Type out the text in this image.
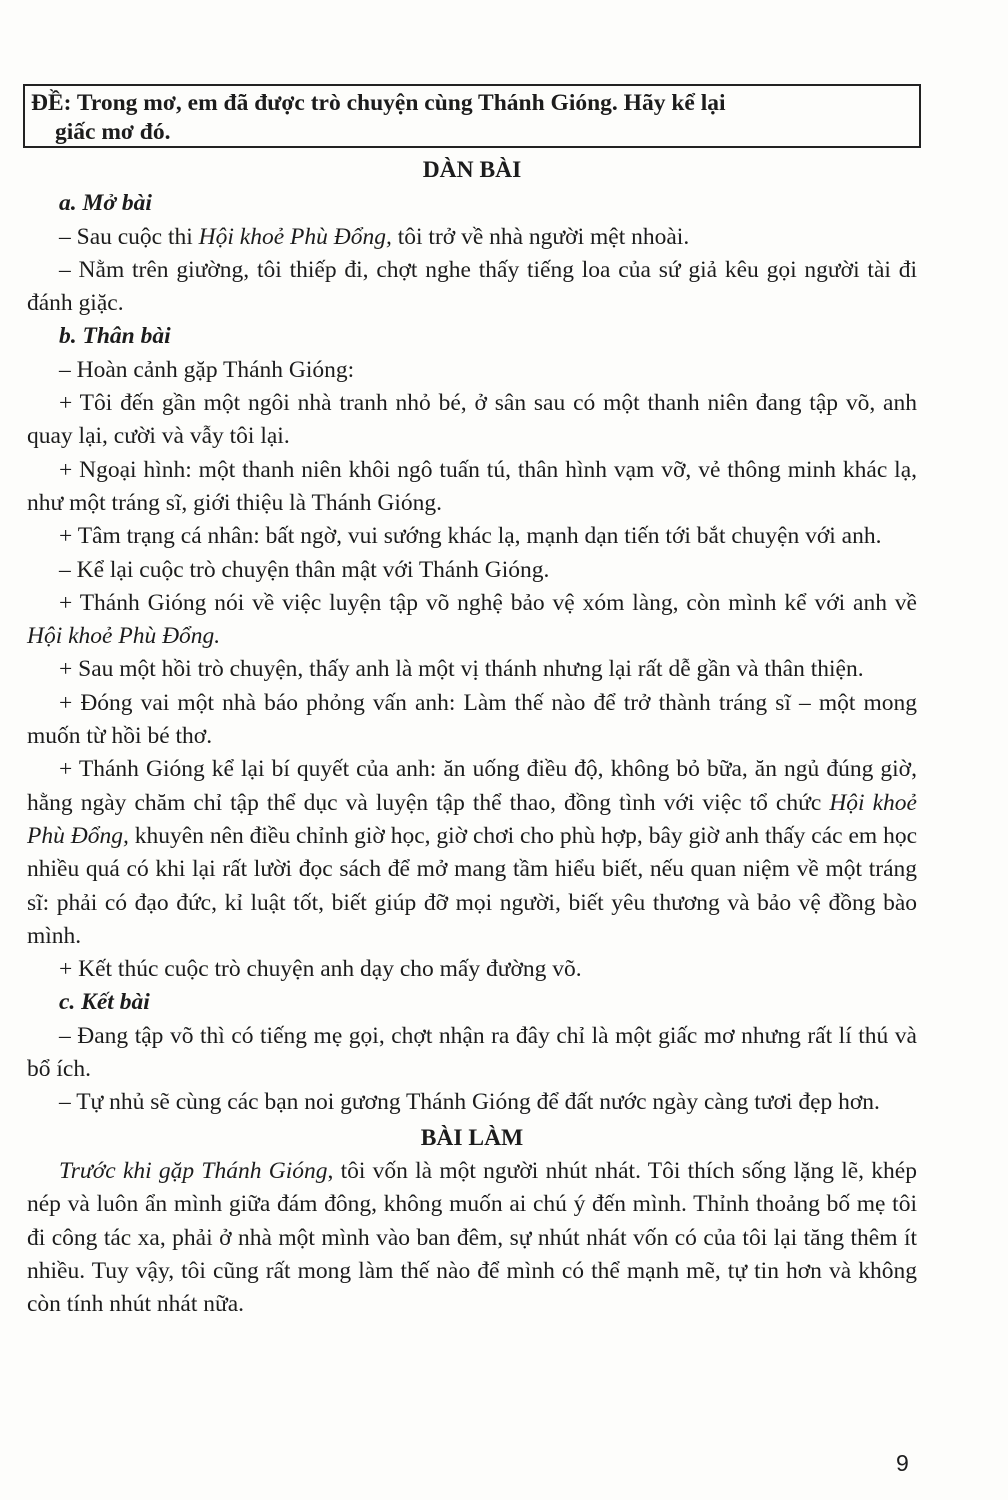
ĐỀ: Trong mơ, em đã được trò chuyện cùng Thánh Gióng. Hãy kể lại
giấc mơ đó.

DÀN BÀI

a. Mở bài

– Sau cuộc thi Hội khoẻ Phù Đổng, tôi trở về nhà người mệt nhoài.

– Nằm trên giường, tôi thiếp đi, chợt nghe thấy tiếng loa của sứ giả kêu gọi người tài đi đánh giặc.

b. Thân bài

– Hoàn cảnh gặp Thánh Gióng:

+ Tôi đến gần một ngôi nhà tranh nhỏ bé, ở sân sau có một thanh niên đang tập võ, anh quay lại, cười và vẫy tôi lại.

+ Ngoại hình: một thanh niên khôi ngô tuấn tú, thân hình vạm vỡ, vẻ thông minh khác lạ, như một tráng sĩ, giới thiệu là Thánh Gióng.

+ Tâm trạng cá nhân: bất ngờ, vui sướng khác lạ, mạnh dạn tiến tới bắt chuyện với anh.

– Kể lại cuộc trò chuyện thân mật với Thánh Gióng.

+ Thánh Gióng nói về việc luyện tập võ nghệ bảo vệ xóm làng, còn mình kể với anh về Hội khoẻ Phù Đổng.

+ Sau một hồi trò chuyện, thấy anh là một vị thánh nhưng lại rất dễ gần và thân thiện.

+ Đóng vai một nhà báo phỏng vấn anh: Làm thế nào để trở thành tráng sĩ – một mong muốn từ hồi bé thơ.

+ Thánh Gióng kể lại bí quyết của anh: ăn uống điều độ, không bỏ bữa, ăn ngủ đúng giờ, hằng ngày chăm chỉ tập thể dục và luyện tập thể thao, đồng tình với việc tổ chức Hội khoẻ Phù Đổng, khuyên nên điều chỉnh giờ học, giờ chơi cho phù hợp, bây giờ anh thấy các em học nhiều quá có khi lại rất lười đọc sách để mở mang tầm hiểu biết, nếu quan niệm về một tráng sĩ: phải có đạo đức, kỉ luật tốt, biết giúp đỡ mọi người, biết yêu thương và bảo vệ đồng bào mình.

+ Kết thúc cuộc trò chuyện anh dạy cho mấy đường võ.

c. Kết bài

– Đang tập võ thì có tiếng mẹ gọi, chợt nhận ra đây chỉ là một giấc mơ nhưng rất lí thú và bổ ích.

– Tự nhủ sẽ cùng các bạn noi gương Thánh Gióng để đất nước ngày càng tươi đẹp hơn.

BÀI LÀM

Trước khi gặp Thánh Gióng, tôi vốn là một người nhút nhát. Tôi thích sống lặng lẽ, khép nép và luôn ẩn mình giữa đám đông, không muốn ai chú ý đến mình. Thỉnh thoảng bố mẹ tôi đi công tác xa, phải ở nhà một mình vào ban đêm, sự nhút nhát vốn có của tôi lại tăng thêm ít nhiều. Tuy vậy, tôi cũng rất mong làm thế nào để mình có thể mạnh mẽ, tự tin hơn và không còn tính nhút nhát nữa.

9
